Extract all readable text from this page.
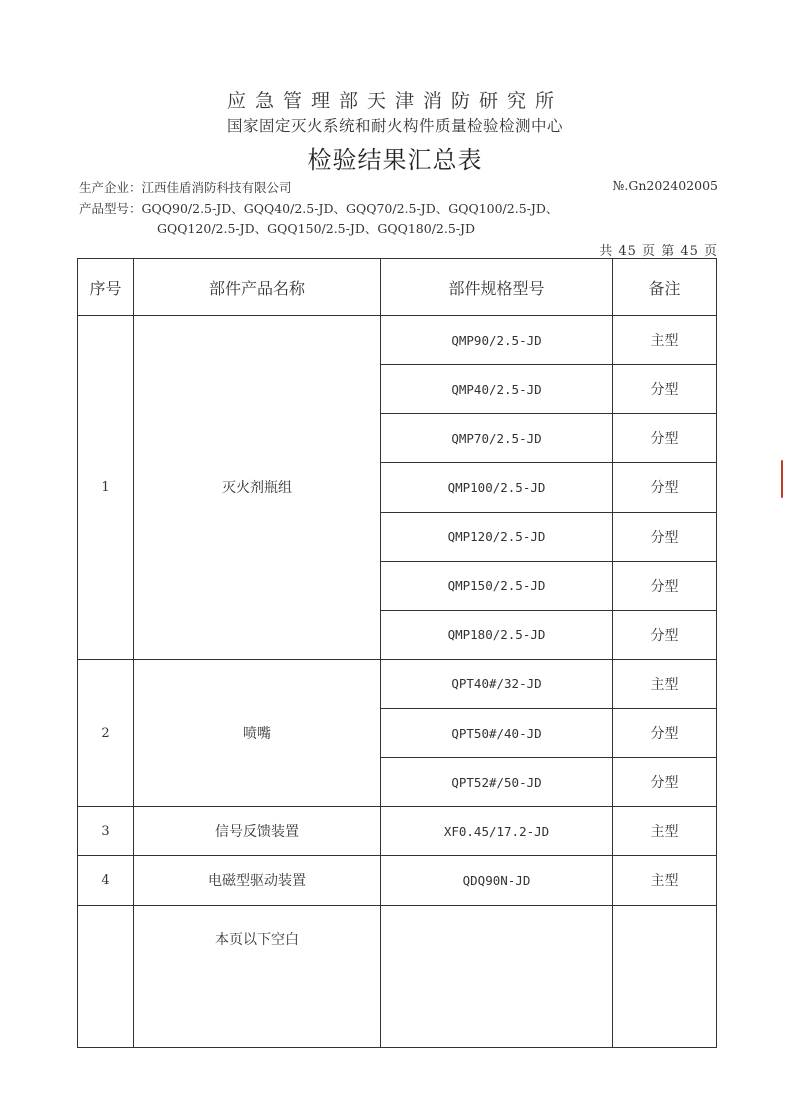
应急管理部天津消防研究所
国家固定灭火系统和耐火构件质量检验检测中心
检验结果汇总表
生产企业：江西佳盾消防科技有限公司	№.Gn202402005
产品型号：GQQ90/2.5-JD、GQQ40/2.5-JD、GQQ70/2.5-JD、GQQ100/2.5-JD、
GQQ120/2.5-JD、GQQ150/2.5-JD、GQQ180/2.5-JD
共 45 页 第 45 页
序号	部件产品名称	部件规格型号	备注
1	灭火剂瓶组	QMP90/2.5-JD	主型
		QMP40/2.5-JD	分型
		QMP70/2.5-JD	分型
		QMP100/2.5-JD	分型
		QMP120/2.5-JD	分型
		QMP150/2.5-JD	分型
		QMP180/2.5-JD	分型
2	喷嘴	QPT40#/32-JD	主型
		QPT50#/40-JD	分型
		QPT52#/50-JD	分型
3	信号反馈装置	XF0.45/17.2-JD	主型
4	电磁型驱动装置	QDQ90N-JD	主型
	本页以下空白		
